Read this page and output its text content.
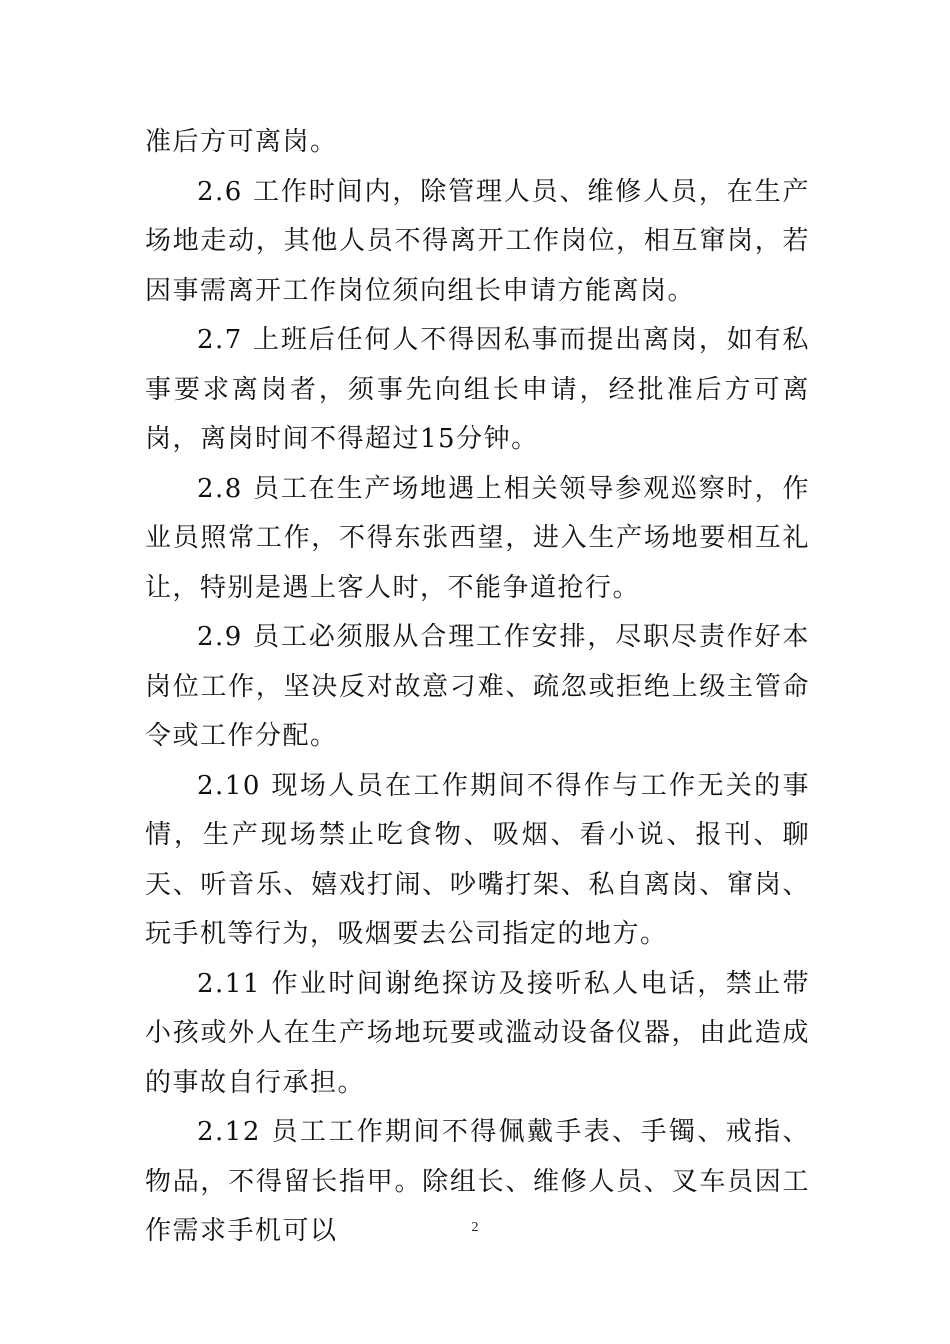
准后方可离岗。

2.6 工作时间内，除管理人员、维修人员，在生产场地走动，其他人员不得离开工作岗位，相互窜岗，若因事需离开工作岗位须向组长申请方能离岗。

2.7 上班后任何人不得因私事而提出离岗，如有私事要求离岗者，须事先向组长申请，经批准后方可离岗，离岗时间不得超过15分钟。

2.8 员工在生产场地遇上相关领导参观巡察时，作业员照常工作，不得东张西望，进入生产场地要相互礼让，特别是遇上客人时，不能争道抢行。

2.9 员工必须服从合理工作安排，尽职尽责作好本岗位工作，坚决反对故意刁难、疏忽或拒绝上级主管命令或工作分配。

2.10 现场人员在工作期间不得作与工作无关的事情，生产现场禁止吃食物、吸烟、看小说、报刊、聊天、听音乐、嬉戏打闹、吵嘴打架、私自离岗、窜岗、玩手机等行为，吸烟要去公司指定的地方。

2.11 作业时间谢绝探访及接听私人电话，禁止带小孩或外人在生产场地玩要或滥动设备仪器，由此造成的事故自行承担。

2.12 员工工作期间不得佩戴手表、手镯、戒指、物品，不得留长指甲。除组长、维修人员、叉车员因工作需求手机可以	2
